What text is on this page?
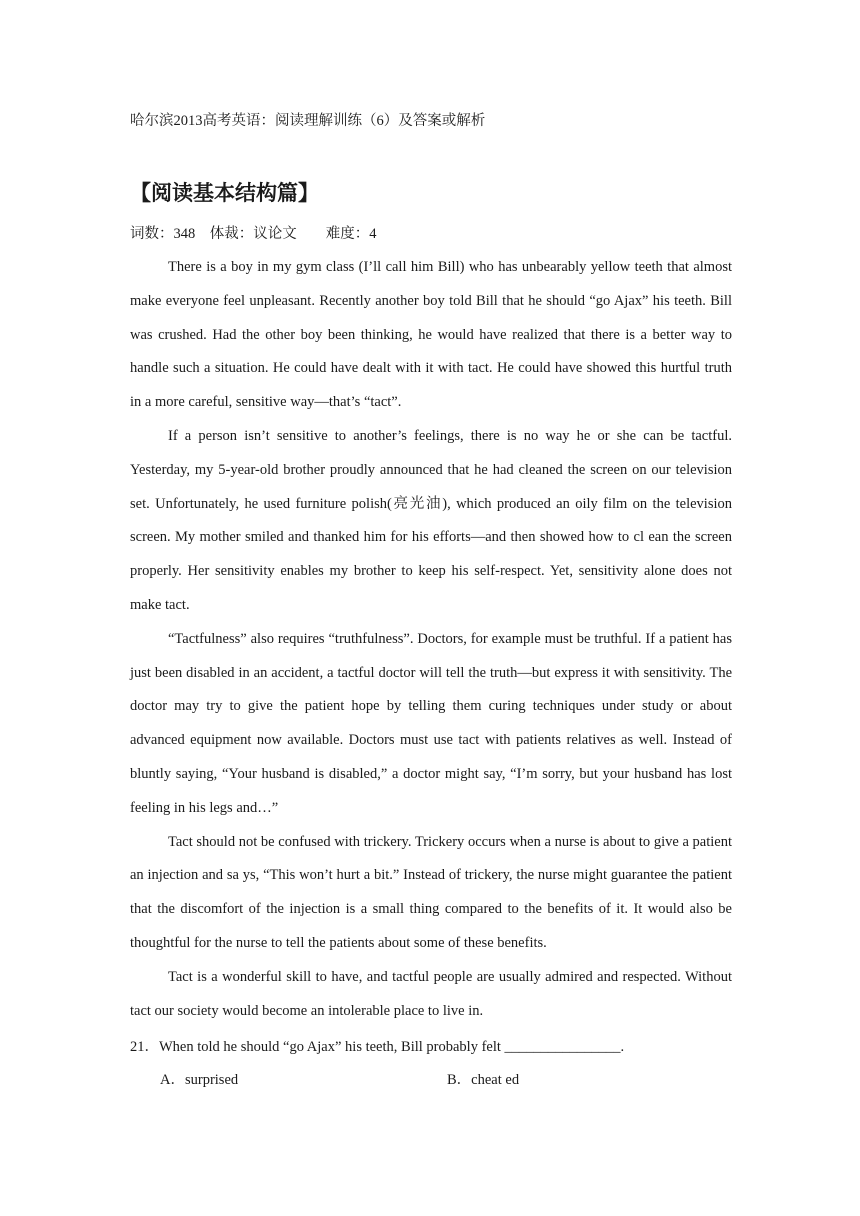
哈尔滨2013高考英语：阅读理解训练（6）及答案或解析
【阅读基本结构篇】
词数：348    体裁：议论文        难度：4

There is a boy in my gym class (I’ll call him Bill) who has unbearably yellow teeth that almost make everyone feel unpleasant. Recently another boy told Bill that he should “go Ajax” his teeth. Bill was crushed. Had the other boy been thinking, he would have realized that there is a better way to handle such a situation. He could have dealt with it with tact. He could have showed this hurtful truth in a more careful, sensitive way—that’s “tact”.

If a person isn’t sensitive to another’s feelings, there is no way he or she can be tactful. Yesterday, my 5-year-old brother proudly announced that he had cleaned the screen on our television set. Unfortunately, he used furniture polish(亮光油), which produced an oily film on the television screen. My mother smiled and thanked him for his efforts—and then showed how to cl ean the screen properly. Her sensitivity enables my brother to keep his self-respect. Yet, sensitivity alone does not make tact.

“Tactfulness” also requires “truthfulness”. Doctors, for example must be truthful. If a patient has just been disabled in an accident, a tactful doctor will tell the truth—but express it with sensitivity. The doctor may try to give the patient hope by telling them curing techniques under study or about advanced equipment now available. Doctors must use tact with patients relatives as well. Instead of bluntly saying, “Your husband is disabled,” a doctor might say, “I’m sorry, but your husband has lost feeling in his legs and…”

Tact should not be confused with trickery. Trickery occurs when a nurse is about to give a patient an injection and sa ys, “This won’t hurt a bit.” Instead of trickery, the nurse might guarantee the patient that the discomfort of the injection is a small thing compared to the benefits of it. It would also be thoughtful for the nurse to tell the patients about some of these benefits.

Tact is a wonderful skill to have, and tactful people are usually admired and respected. Without tact our society would become an intolerable place to live in.

21．When told he should “go Ajax” his teeth, Bill probably felt ________________.
A．surprised	B．cheat ed
